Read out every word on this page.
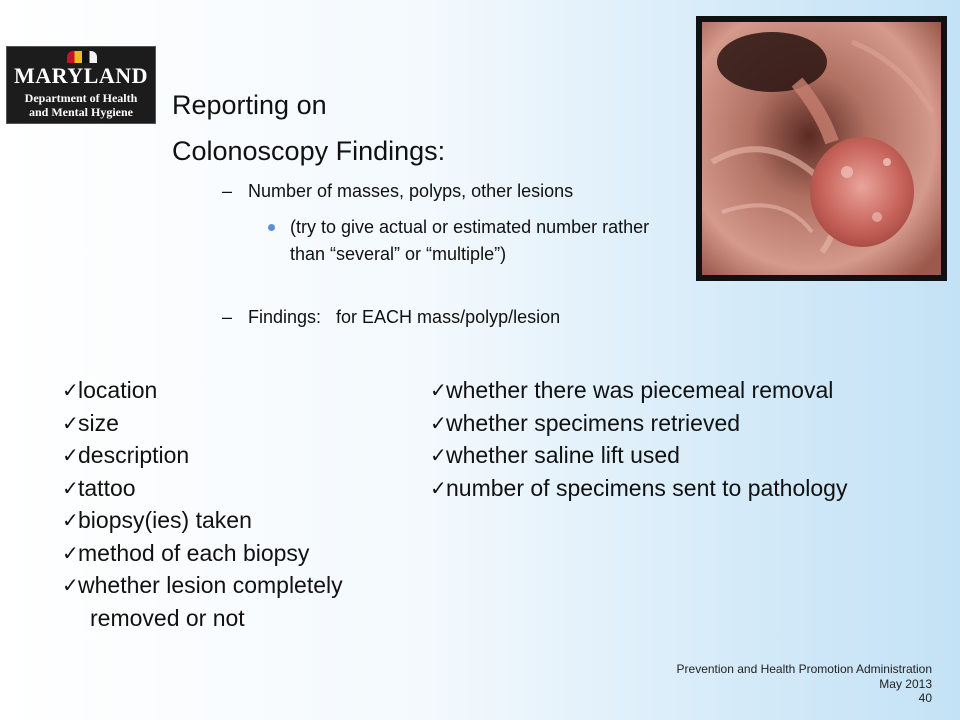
MARYLAND
Department of Health
and Mental Hygiene	Reporting on
Colonoscopy Findings:
– Number of masses, polyps, other lesions
(try to give actual or estimated number rather than “several” or “multiple”)
– Findings:   for EACH mass/polyp/lesion
✓ location
✓ size
✓ description
✓ tattoo
✓ biopsy(ies) taken
✓ method of each biopsy
✓ whether lesion completely
removed or not
✓ whether there was piecemeal removal
✓ whether specimens retrieved
✓ whether saline lift used
✓ number of specimens sent to pathology
Prevention and Health Promotion Administration
May 2013
40
